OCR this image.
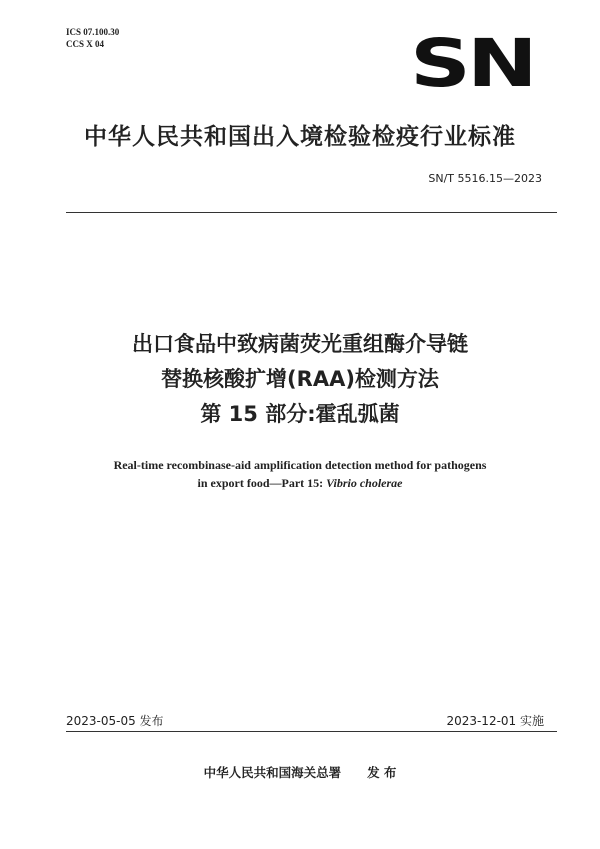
ICS 07.100.30
CCS X 04	SN
中华人民共和国出入境检验检疫行业标准
SN/T 5516.15—2023
出口食品中致病菌荧光重组酶介导链
替换核酸扩增(RAA)检测方法
第 15 部分:霍乱弧菌
Real-time recombinase-aid amplification detection method for pathogens
in export food—Part 15: Vibrio cholerae
2023-05-05 发布	2023-12-01 实施
中华人民共和国海关总署 发 布
